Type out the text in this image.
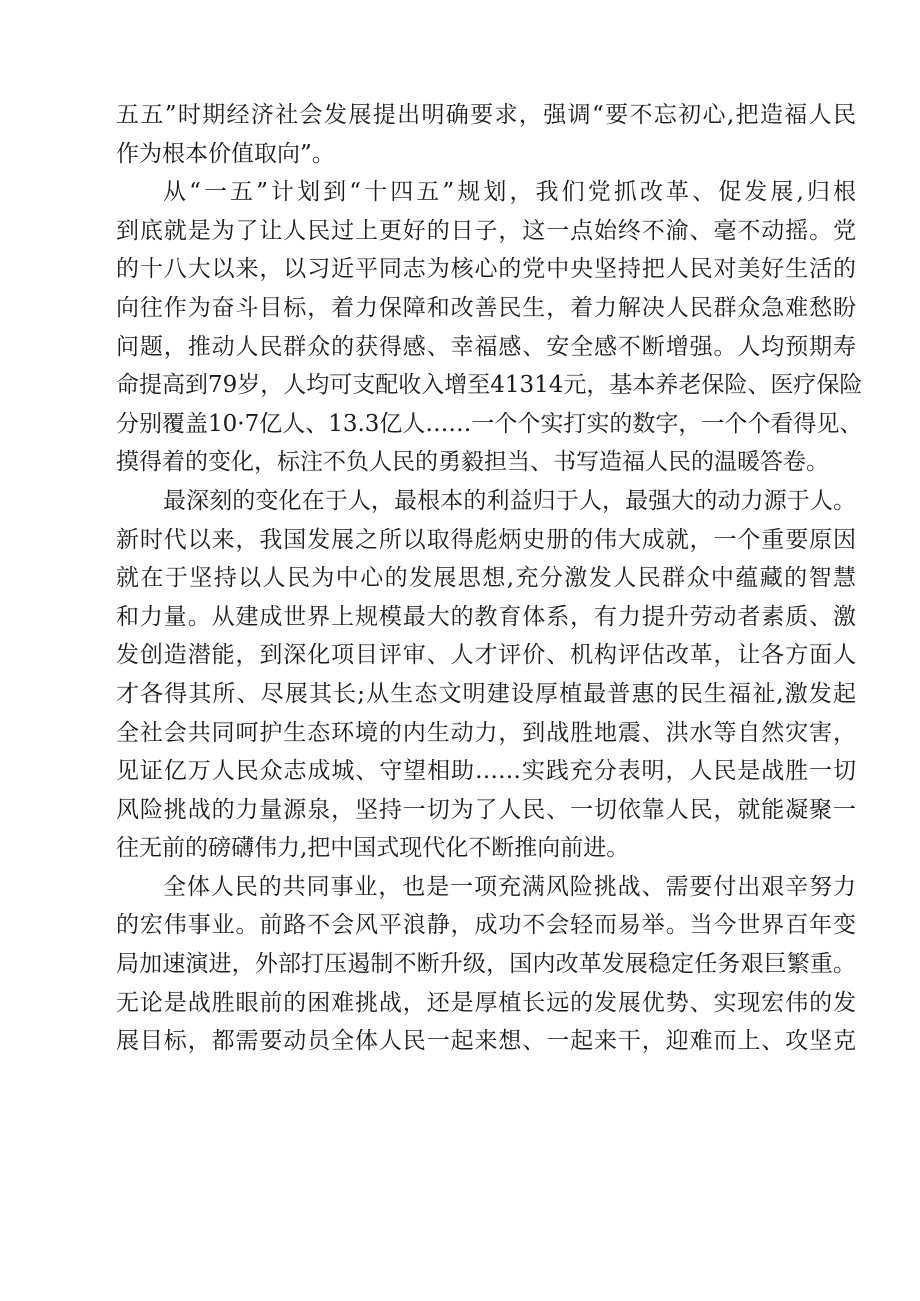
五五”时期经济社会发展提出明确要求，强调“要不忘初心,把造福人民
作为根本价值取向”。
从“一五”计划到“十四五”规划，我们党抓改革、促发展,归根
到底就是为了让人民过上更好的日子，这一点始终不渝、毫不动摇。党
的十八大以来，以习近平同志为核心的党中央坚持把人民对美好生活的
向往作为奋斗目标，着力保障和改善民生，着力解决人民群众急难愁盼
问题，推动人民群众的获得感、幸福感、安全感不断增强。人均预期寿
命提高到79岁，人均可支配收入增至41314元，基本养老保险、医疗保险
分别覆盖10·7亿人、13.3亿人……一个个实打实的数字，一个个看得见、
摸得着的变化，标注不负人民的勇毅担当、书写造福人民的温暖答卷。
最深刻的变化在于人，最根本的利益归于人，最强大的动力源于人。
新时代以来，我国发展之所以取得彪炳史册的伟大成就，一个重要原因
就在于坚持以人民为中心的发展思想,充分激发人民群众中蕴藏的智慧
和力量。从建成世界上规模最大的教育体系，有力提升劳动者素质、激
发创造潜能，到深化项目评审、人才评价、机构评估改革，让各方面人
才各得其所、尽展其长;从生态文明建设厚植最普惠的民生福祉,激发起
全社会共同呵护生态环境的内生动力，到战胜地震、洪水等自然灾害，
见证亿万人民众志成城、守望相助……实践充分表明，人民是战胜一切
风险挑战的力量源泉，坚持一切为了人民、一切依靠人民，就能凝聚一
往无前的磅礴伟力,把中国式现代化不断推向前进。
全体人民的共同事业，也是一项充满风险挑战、需要付出艰辛努力
的宏伟事业。前路不会风平浪静，成功不会轻而易举。当今世界百年变
局加速演进，外部打压遏制不断升级，国内改革发展稳定任务艰巨繁重。
无论是战胜眼前的困难挑战，还是厚植长远的发展优势、实现宏伟的发
展目标，都需要动员全体人民一起来想、一起来干，迎难而上、攻坚克
